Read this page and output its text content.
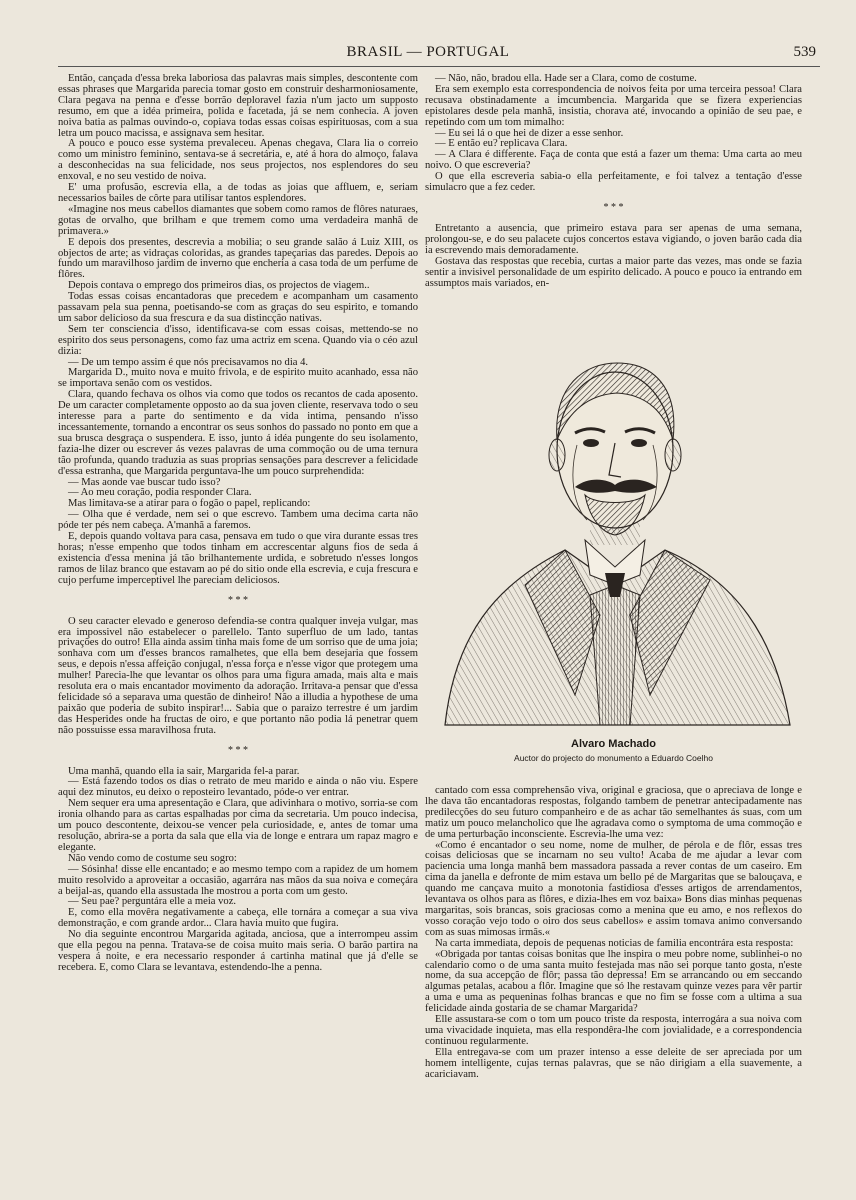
BRASIL — PORTUGAL	539

Então, cançada d'essa breka laboriosa das palavras mais simples, descontente com essas phrases que Margarida parecia tomar gosto em construir desharmoniosamente, Clara pegava na penna e d'esse borrão deploravel fazia n'um jacto um supposto resumo, em que a idéa primeira, polida e facetada, já se nem conhecia. A joven noiva batia as palmas ouvindo-o, copiava todas essas coisas espirituosas, com a sua letra um pouco macissa, e assignava sem hesitar.

A pouco e pouco esse systema prevaleceu. Apenas chegava, Clara lia o correio como um ministro feminino, sentava-se á secretária, e, até á hora do almoço, falava a desconhecidas na sua felicidade, nos seus projectos, nos esplendores do seu enxoval, e no seu vestido de noiva.

E' uma profusão, escrevia ella, a de todas as joias que affluem, e, seriam necessarios bailes de côrte para utilisar tantos esplendores.

«Imagine nos meus cabellos diamantes que sobem como ramos de flôres naturaes, gotas de orvalho, que brilham e que tremem como uma verdadeira manhã de primavera.»

E depois dos presentes, descrevia a mobilia; o seu grande salão á Luiz XIII, os objectos de arte; as vidraças coloridas, as grandes tapeçarias das paredes. Depois ao fundo um maravilhoso jardim de inverno que encheria a casa toda de um perfume de flôres.

Depois contava o emprego dos primeiros dias, os projectos de viagem..

Todas essas coisas encantadoras que precedem e acompanham um casamento passavam pela sua penna, poetisando-se com as graças do seu espirito, e tomando um sabor delicioso da sua frescura e da sua distincção nativas.

Sem ter consciencia d'isso, identificava-se com essas coisas, mettendo-se no espirito dos seus personagens, como faz uma actriz em scena. Quando via o céo azul dizia:

— De um tempo assim é que nós precisavamos no dia 4.

Margarida D., muito nova e muito frivola, e de espirito muito acanhado, essa não se importava senão com os vestidos.

Clara, quando fechava os olhos via como que todos os recantos de cada aposento. De um caracter completamente opposto ao da sua joven cliente, reservava todo o seu interesse para a parte do sentimento e da vida intima, pensando n'isso incessantemente, tornando a encontrar os seus sonhos do passado no ponto em que a sua brusca desgraça o suspendera. E isso, junto á idéa pungente do seu isolamento, fazia-lhe dizer ou escrever ás vezes palavras de uma commoção ou de uma ternura tão profunda, quando traduzia as suas proprias sensações para descrever a felicidade d'essa estranha, que Margarida perguntava-lhe um pouco surprehendida:

— Mas aonde vae buscar tudo isso?

— Ao meu coração, podia responder Clara.

Mas limitava-se a atirar para o fogão o papel, replicando:

— Olha que é verdade, nem sei o que escrevo. Tambem uma decima carta não póde ter pés nem cabeça. A'manhã a faremos.

E, depois quando voltava para casa, pensava em tudo o que vira durante essas tres horas; n'esse empenho que todos tinham em accrescentar alguns fios de seda á existencia d'essa menina já tão brilhantemente urdida, e sobretudo n'esses longos ramos de lilaz branco que estavam ao pé do sitio onde ella escrevia, e cuja frescura e cujo perfume imperceptivel lhe pareciam deliciosos.

* * *

O seu caracter elevado e generoso defendia-se contra qualquer inveja vulgar, mas era impossivel não estabelecer o parellelo. Tanto superfluo de um lado, tantas privações do outro! Ella ainda assim tinha mais fome de um sorriso que de uma joia; sonhava com um d'esses brancos ramalhetes, que ella bem desejaria que fossem seus, e depois n'essa affeição conjugal, n'essa força e n'esse vigor que protegem uma mulher! Parecia-lhe que levantar os olhos para uma figura amada, mais alta e mais resoluta era o mais encantador movimento da adoração. Irritava-a pensar que d'essa felicidade só a separava uma questão de dinheiro! Não a illudia a hypothese de uma paixão que poderia de subito inspirar!... Sabia que o paraizo terrestre é um jardim das Hesperides onde ha fructas de oiro, e que portanto não podia lá penetrar quem não possuisse essa maravilhosa fruta.

* * *

Uma manhã, quando ella ia sair, Margarida fel-a parar.

— Está fazendo todos os dias o retrato de meu marido e ainda o não viu. Espere aqui dez minutos, eu deixo o reposteiro levantado, póde-o ver entrar.

Nem sequer era uma apresentação e Clara, que adivinhara o motivo, sorria-se com ironia olhando para as cartas espalhadas por cima da secretaria. Um pouco indecisa, um pouco descontente, deixou-se vencer pela curiosidade, e, antes de tomar uma resolução, abrira-se a porta da sala que ella via de longe e entrara um rapaz magro e elegante.

Não vendo como de costume seu sogro:

— Sósinha! disse elle encantado; e ao mesmo tempo com a rapidez de um homem muito resolvido a aproveitar a occasião, agarrára nas mãos da sua noiva e começára a beijal-as, quando ella assustada lhe mostrou a porta com um gesto.

— Seu pae? perguntára elle a meia voz.

E, como ella movêra negativamente a cabeça, elle tornára a começar a sua viva demonstração, e com grande ardor... Clara havia muito que fugira.

No dia seguinte encontrou Margarida agitada, anciosa, que a interrompeu assim que ella pegou na penna. Tratava-se de coisa muito mais seria. O barão partira na vespera á noite, e era necessario responder á cartinha matinal que já d'elle se recebera. E, como Clara se levantava, estendendo-lhe a penna.

— Não, não, bradou ella. Hade ser a Clara, como de costume.

Era sem exemplo esta correspondencia de noivos feita por uma terceira pessoa! Clara recusava obstinadamente a imcumbencia. Margarida que se fizera experiencias epistolares desde pela manhã, insistia, chorava até, invocando a opinião de seu pae, e repetindo com um tom mimalho:

— Eu sei lá o que hei de dizer a esse senhor.

— E então eu? replicava Clara.

— A Clara é differente. Faça de conta que está a fazer um thema: Uma carta ao meu noivo. O que escreveria?

O que ella escreveria sabia-o ella perfeitamente, e foi talvez a tentação d'esse simulacro que a fez ceder.

* * *

Entretanto a ausencia, que primeiro estava para ser apenas de uma semana, prolongou-se, e do seu palacete cujos concertos estava vigiando, o joven barão cada dia ia escrevendo mais demoradamente.

Gostava das respostas que recebia, curtas a maior parte das vezes, mas onde se fazia sentir a invisivel personalidade de um espirito delicado. A pouco e pouco ia entrando em assumptos mais variados, en-

Alvaro Machado
Auctor do projecto do monumento a Eduardo Coelho

cantado com essa comprehensão viva, original e graciosa, que o apreciava de longe e lhe dava tão encantadoras respostas, folgando tambem de penetrar antecipadamente nas predilecções do seu futuro companheiro e de as achar tão semelhantes ás suas, com um matiz um pouco melancholico que lhe agradava como o symptoma de uma commoção e de uma perturbação inconsciente. Escrevia-lhe uma vez:

«Como é encantador o seu nome, nome de mulher, de pérola e de flôr, essas tres coisas deliciosas que se incarnam no seu vulto! Acaba de me ajudar a levar com paciencia uma longa manhã bem massadora passada a rever contas de um caseiro. Em cima da janella e defronte de mim estava um bello pé de Margaritas que se balouçava, e quando me cançava muito a monotonia fastidiosa d'esses artigos de arrendamentos, levantava os olhos para as flôres, e dizia-lhes em voz baixa» Bons dias minhas pequenas margaritas, sois brancas, sois graciosas como a menina que eu amo, e nos reflexos do vosso coração vejo todo o oiro dos seus cabellos» e assim tomava animo conversando com as suas mimosas irmãs.«

Na carta immediata, depois de pequenas noticias de familia encontrára esta resposta:

«Obrigada por tantas coisas bonitas que lhe inspira o meu pobre nome, sublinhei-o no calendario como o de uma santa muito festejada mas não sei porque tanto gosta, n'este nome, da sua accepção de flôr; passa tão depressa! Em se arrancando ou em seccando algumas petalas, acabou a flôr. Imagine que só lhe restavam quinze vezes para vêr partir a uma e uma as pequeninas folhas brancas e que no fim se fosse com a ultima a sua felicidade ainda gostaria de se chamar Margarida?

Elle assustara-se com o tom um pouco triste da resposta, interrogára a sua noiva com uma vivacidade inquieta, mas ella respondêra-lhe com jovialidade, e a correspondencia continuou regularmente.

Ella entregava-se com um prazer intenso a esse deleite de ser apreciada por um homem intelligente, cujas ternas palavras, que se não dirigiam a ella suavemente, a acariciavam.
